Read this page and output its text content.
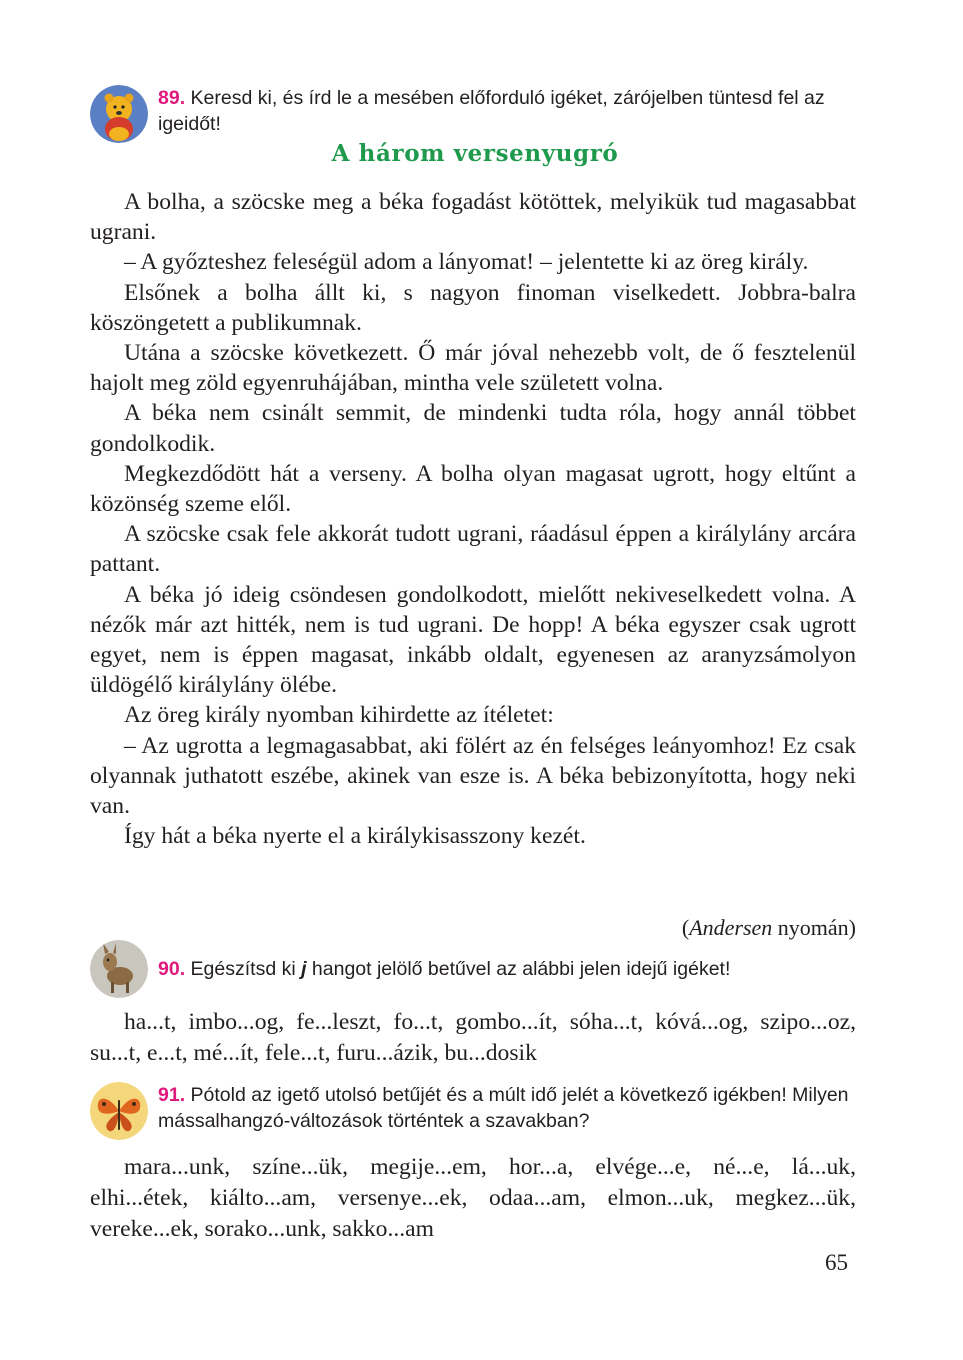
89. Keresd ki, és írd le a mesében előforduló igéket, zárójelben tüntesd fel az igeidőt!
A három versenyugró

A bolha, a szöcske meg a béka fogadást kötöttek, melyikük tud magasabbat ugrani.

– A győzteshez feleségül adom a lányomat! – jelentette ki az öreg király.

Elsőnek a bolha állt ki, s nagyon finoman viselkedett. Jobbra-balra köszöngetett a publikumnak.

Utána a szöcske következett. Ő már jóval nehezebb volt, de ő fesztelenül hajolt meg zöld egyenruhájában, mintha vele született volna.

A béka nem csinált semmit, de mindenki tudta róla, hogy annál többet gondolkodik.

Megkezdődött hát a verseny. A bolha olyan magasat ugrott, hogy eltűnt a közönség szeme elől.

A szöcske csak fele akkorát tudott ugrani, ráadásul éppen a királylány arcára pattant.

A béka jó ideig csöndesen gondolkodott, mielőtt nekiveselkedett volna. A nézők már azt hitték, nem is tud ugrani. De hopp! A béka egyszer csak ugrott egyet, nem is éppen magasat, inkább oldalt, egyenesen az aranyzsámolyon üldögélő királylány ölébe.

Az öreg király nyomban kihirdette az ítéletet:

– Az ugrotta a legmagasabbat, aki fölért az én felséges leányomhoz! Ez csak olyannak juthatott eszébe, akinek van esze is. A béka bebizonyította, hogy neki van.

Így hát a béka nyerte el a királykisasszony kezét.

(Andersen nyomán)
90. Egészítsd ki j hangot jelölő betűvel az alábbi jelen idejű igéket!

ha...t, imbo...og, fe...leszt, fo...t, gombo...ít, sóha...t, kóvá...og, szipo...oz, su...t, e...t, mé...ít, fele...t, furu...ázik, bu...dosik

91. Pótold az igető utolsó betűjét és a múlt idő jelét a következő igékben! Milyen mássalhangzó-változások történtek a szavakban?

mara...unk, színe...ük, megije...em, hor...a, elvége...e, né...e, lá...uk, elhi...étek, kiálto...am, versenye...ek, odaa...am, elmon...uk, megkez...ük, vereke...ek, sorako...unk, sakko...am

65
